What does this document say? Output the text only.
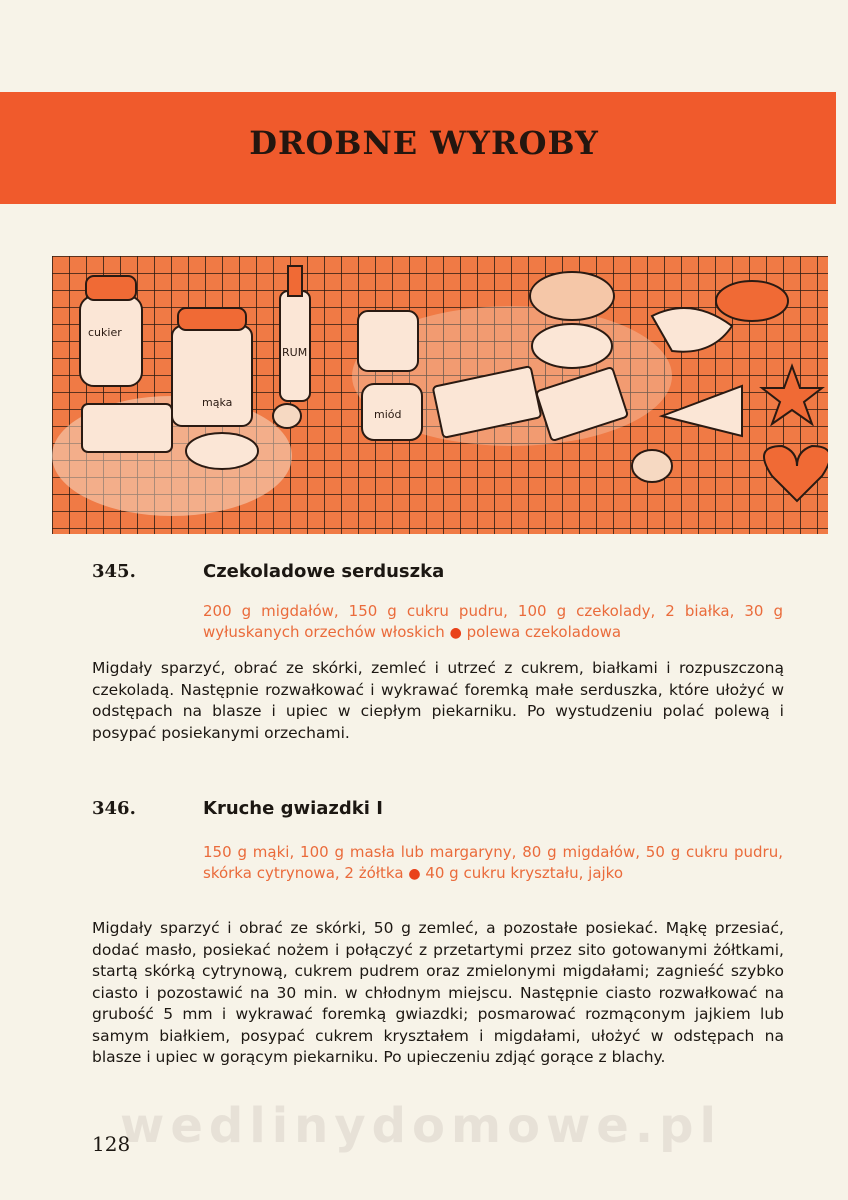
DROBNE WYROBY
cukier
mąka
RUM
miód
345.	Czekoladowe serduszka
200 g migdałów, 150 g cukru pudru, 100 g czekolady, 2 białka, 30 g wyłuskanych orzechów włoskich ● polewa czekoladowa
Migdały sparzyć, obrać ze skórki, zemleć i utrzeć z cukrem, białkami i rozpuszczoną czekoladą. Następnie rozwałkować i wykrawać foremką małe serduszka, które ułożyć w odstępach na blasze i upiec w ciepłym piekarniku. Po wystudzeniu polać polewą i posypać posiekanymi orzechami.
346.	Kruche gwiazdki I
150 g mąki, 100 g masła lub margaryny, 80 g migdałów, 50 g cukru pudru, skórka cytrynowa, 2 żółtka ● 40 g cukru kryształu, jajko
Migdały sparzyć i obrać ze skórki, 50 g zemleć, a pozostałe posiekać. Mąkę przesiać, dodać masło, posiekać nożem i połączyć z przetartymi przez sito gotowanymi żółtkami, startą skórką cytrynową, cukrem pudrem oraz zmielonymi migdałami; zagnieść szybko ciasto i pozostawić na 30 min. w chłodnym miejscu. Następnie ciasto rozwałkować na grubość 5 mm i wykrawać foremką gwiazdki; posmarować rozmąconym jajkiem lub samym białkiem, posypać cukrem kryształem i migdałami, ułożyć w odstępach na blasze i upiec w gorącym piekarniku. Po upieczeniu zdjąć gorące z blachy.
wedlinydomowe.pl
128
